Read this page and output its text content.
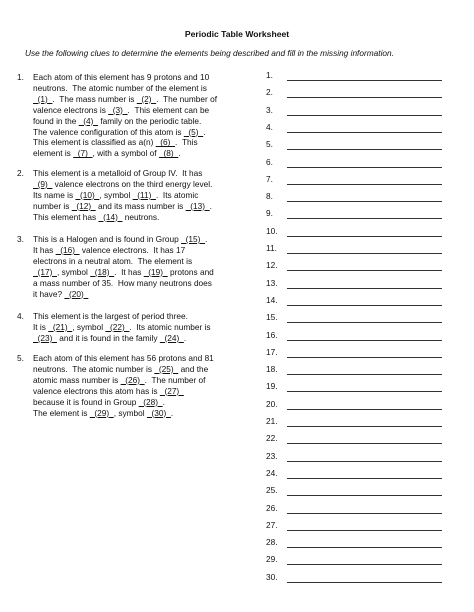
Periodic Table Worksheet
Use the following clues to determine the elements being described and fill in the missing information.
1. Each atom of this element has 9 protons and 10
neutrons.  The atomic number of the element is
(1)  .  The mass number is   (2)  .  The number of
valence electrons is   (3)  .  This element can be
found in the   (4)   family on the periodic table.
The valence configuration of this atom is   (5)  .
This element is classified as a(n)   (6)  .  This
element is   (7)  , with a symbol of   (8)  .
2. This element is a metalloid of Group IV.  It has
(9)   valence electrons on the third energy level.
Its name is   (10)  , symbol   (11)  .  Its atomic
number is   (12)   and its mass number is   (13)  .
This element has   (14)   neutrons.
3. This is a Halogen and is found in Group   (15)  .
It has   (16)   valence electrons.  It has 17
electrons in a neutral atom.  The element is
(17)  , symbol   (18)  .  It has   (19)   protons and
a mass number of 35.  How many neutrons does
it have?   (20)
4. This element is the largest of period three.
It is   (21)  , symbol   (22)  .  Its atomic number is
(23)   and it is found in the family   (24)  .
5. Each atom of this element has 56 protons and 81
neutrons.  The atomic number is   (25)   and the
atomic mass number is   (26)  .  The number of
valence electrons this atom has is   (27)
because it is found in Group   (28)  .
The element is   (29)  , symbol   (30)  .
1.
2.
3.
4.
5.
6.
7.
8.
9.
10.
11.
12.
13.
14.
15.
16.
17.
18.
19.
20.
21.
22.
23.
24.
25.
26.
27.
28.
29.
30.
